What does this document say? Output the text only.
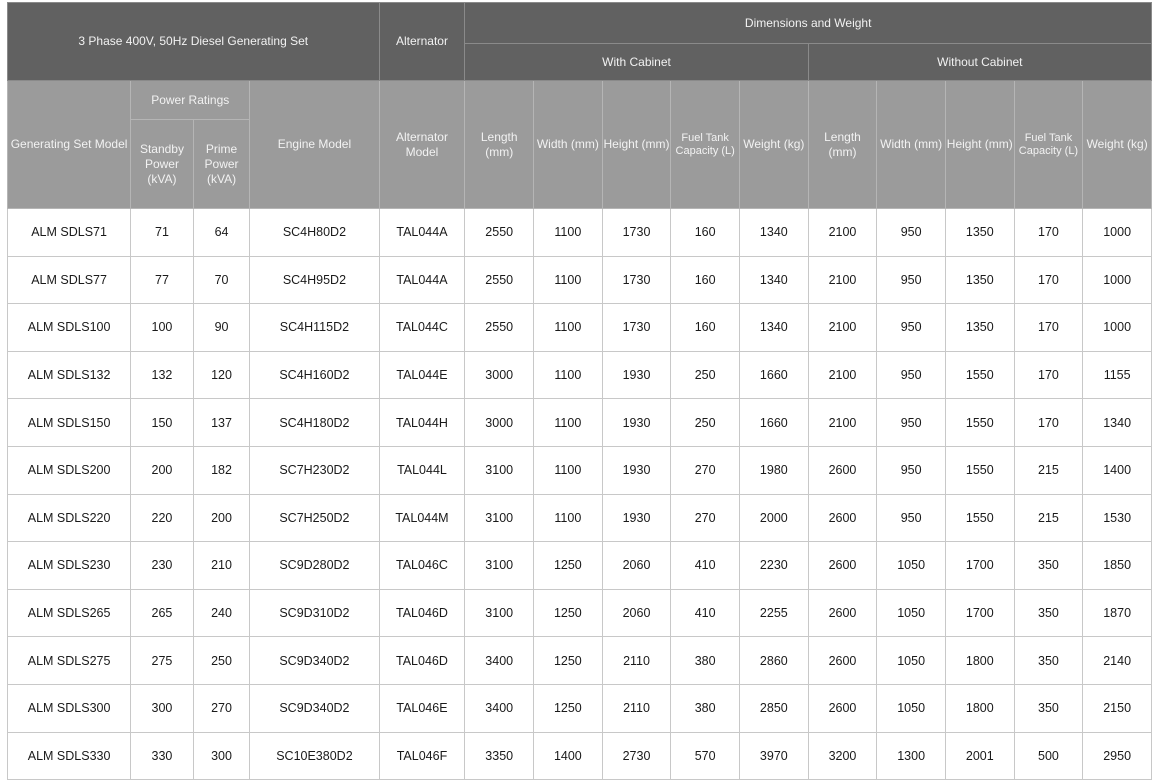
3 Phase 400V, 50Hz Diesel Generating Set				Alternator	Dimensions and Weight									
					With Cabinet					Without Cabinet				
Generating Set Model	Power Ratings		Engine Model	Alternator Model	Length (mm)	Width (mm)	Height (mm)	Fuel Tank Capacity (L)	Weight (kg)	Length (mm)	Width (mm)	Height (mm)	Fuel Tank Capacity (L)	Weight (kg)
	Standby Power (kVA)	Prime Power (kVA)												
ALM SDLS71	71	64	SC4H80D2	TAL044A	2550	1100	1730	160	1340	2100	950	1350	170	1000
ALM SDLS77	77	70	SC4H95D2	TAL044A	2550	1100	1730	160	1340	2100	950	1350	170	1000
ALM SDLS100	100	90	SC4H115D2	TAL044C	2550	1100	1730	160	1340	2100	950	1350	170	1000
ALM SDLS132	132	120	SC4H160D2	TAL044E	3000	1100	1930	250	1660	2100	950	1550	170	1155
ALM SDLS150	150	137	SC4H180D2	TAL044H	3000	1100	1930	250	1660	2100	950	1550	170	1340
ALM SDLS200	200	182	SC7H230D2	TAL044L	3100	1100	1930	270	1980	2600	950	1550	215	1400
ALM SDLS220	220	200	SC7H250D2	TAL044M	3100	1100	1930	270	2000	2600	950	1550	215	1530
ALM SDLS230	230	210	SC9D280D2	TAL046C	3100	1250	2060	410	2230	2600	1050	1700	350	1850
ALM SDLS265	265	240	SC9D310D2	TAL046D	3100	1250	2060	410	2255	2600	1050	1700	350	1870
ALM SDLS275	275	250	SC9D340D2	TAL046D	3400	1250	2110	380	2860	2600	1050	1800	350	2140
ALM SDLS300	300	270	SC9D340D2	TAL046E	3400	1250	2110	380	2850	2600	1050	1800	350	2150
ALM SDLS330	330	300	SC10E380D2	TAL046F	3350	1400	2730	570	3970	3200	1300	2001	500	2950
